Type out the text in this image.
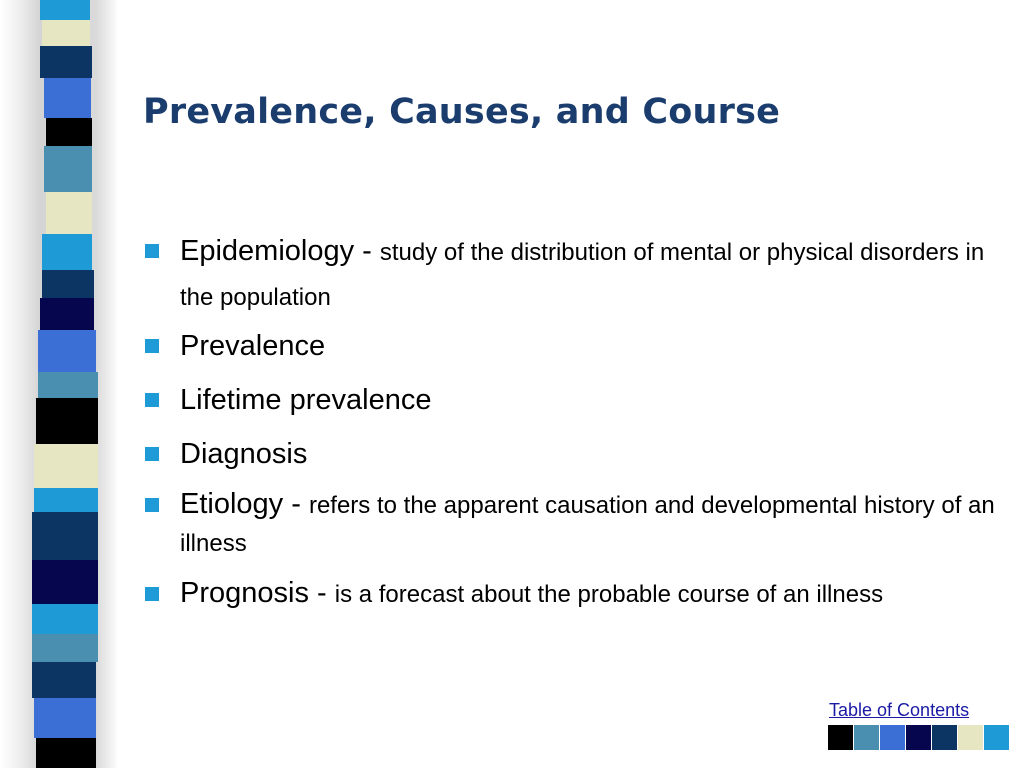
Prevalence, Causes, and Course
Epidemiology - study of the distribution of mental or physical disorders in the population
Prevalence
Lifetime prevalence
Diagnosis
Etiology - refers to the apparent causation and developmental history of an illness
Prognosis - is a forecast about the probable course of an illness
Table of Contents
